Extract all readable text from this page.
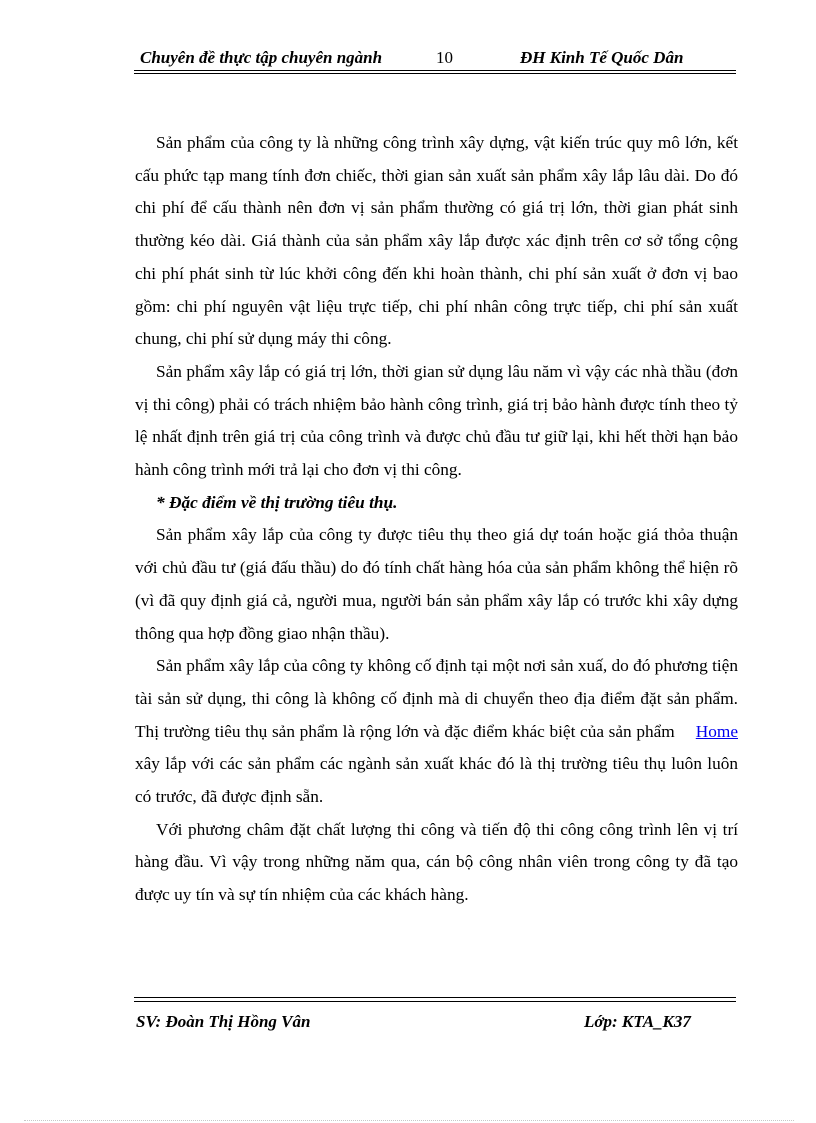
Chuyên đề thực tập chuyên ngành	10	ĐH Kinh Tế Quốc Dân

Sản phẩm của công ty là những công trình xây dựng, vật kiến trúc quy mô lớn, kết cấu phức tạp mang tính đơn chiếc, thời gian sản xuất sản phẩm xây lắp lâu dài. Do đó chi phí để cấu thành nên đơn vị sản phẩm thường có giá trị lớn, thời gian phát sinh thường kéo dài. Giá thành của sản phẩm xây lắp được xác định trên cơ sở tổng cộng chi phí phát sinh từ lúc khởi công đến khi hoàn thành, chi phí sản xuất ở đơn vị bao gồm: chi phí nguyên vật liệu trực tiếp, chi phí nhân công trực tiếp, chi phí sản xuất chung, chi phí sử dụng máy thi công.

Sản phẩm xây lắp có giá trị lớn, thời gian sử dụng lâu năm vì vậy các nhà thầu (đơn vị thi công) phải có trách nhiệm bảo hành công trình, giá trị bảo hành được tính theo tỷ lệ nhất định trên giá trị của công trình và được chủ đầu tư giữ lại, khi hết thời hạn bảo hành công trình mới trả lại cho đơn vị thi công.

* Đặc điểm về thị trường tiêu thụ.

Sản phẩm xây lắp của công ty được tiêu thụ theo giá dự toán hoặc giá thỏa thuận với chủ đầu tư (giá đấu thầu) do đó tính chất hàng hóa của sản phẩm không thể hiện rõ (vì đã quy định giá cả, người mua, người bán sản phẩm xây lắp có trước khi xây dựng thông qua hợp đồng giao nhận thầu).

Sản phẩm xây lắp của công ty không cố định tại một nơi sản xuấ, do đó phương tiện tài sản sử dụng, thi công là không cố định mà di chuyển theo địa điểm đặt sản phẩm. Thị trường tiêu thụ sản phẩm là rộng lớn và	Home
đặc điểm khác biệt của sản phẩm xây lắp với các sản phẩm các ngành sản xuất khác đó là thị trường tiêu thụ luôn luôn có trước, đã được định sẵn.

Với phương châm đặt chất lượng thi công và tiến độ thi công công trình lên vị trí hàng đầu. Vì vậy trong những năm qua, cán bộ công nhân viên trong công ty đã tạo được uy tín và sự tín nhiệm của các khách hàng.

SV: Đoàn Thị Hồng Vân	Lớp: KTA_K37
